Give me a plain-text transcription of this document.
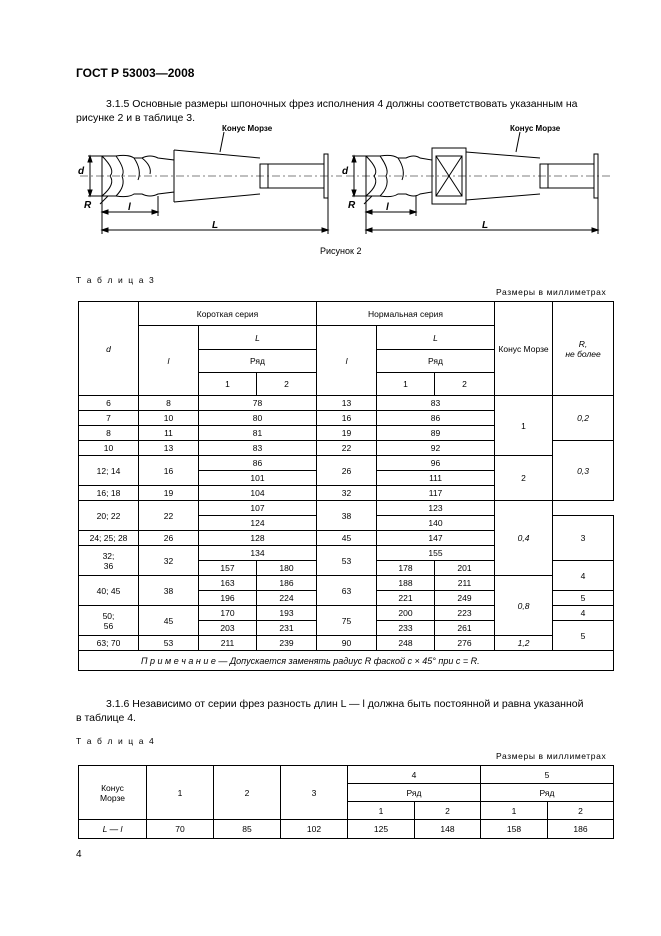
ГОСТ Р 53003—2008
3.1.5 Основные размеры шпоночных фрез исполнения 4 должны соответствовать указанным на
рисунке 2 и в таблице 3.
Конус Морзе	Конус Морзе
d	d
R	R
l	l
L	L
Рисунок 2
Т а б л и ц а 3
Размеры в миллиметрах
d	Короткая серия			Нормальная серия			Конус Морзе	R,
не более
	l	L		l	L			
		Ряд			Ряд			
		1	2		1	2		
6	8	78		13	83		1	0,2
7	10	80		16	86			
8	11	81		19	89			
10	13	83		22	92			0,3
12; 14	16	86		26	96		2	
		101			111			
16; 18	19	104		32	117			
20; 22	22	107		38	123		0,4	
		124			140			3
24; 25; 28	26	128		45	147			
32;
36	32	134		53	155			
		157	180		178	201		4
40; 45	38	163	186	63	188	211	0,8	
		196	224		221	249		5
50;
56	45	170	193	75	200	223		4
		203	231		233	261		5
63; 70	53	211	239	90	248	276	1,2	
П р и м е ч а н и е — Допускается заменять радиус R фаской c × 45° при c = R.								
3.1.6 Независимо от серии фрез разность длин L — l должна быть постоянной и равна указанной
в таблице 4.
Т а б л и ц а 4
Размеры в миллиметрах
Конус
Морзе	1	2	3	4		5	
				Ряд		Ряд	
				1	2	1	2
L — l	70	85	102	125	148	158	186
4
